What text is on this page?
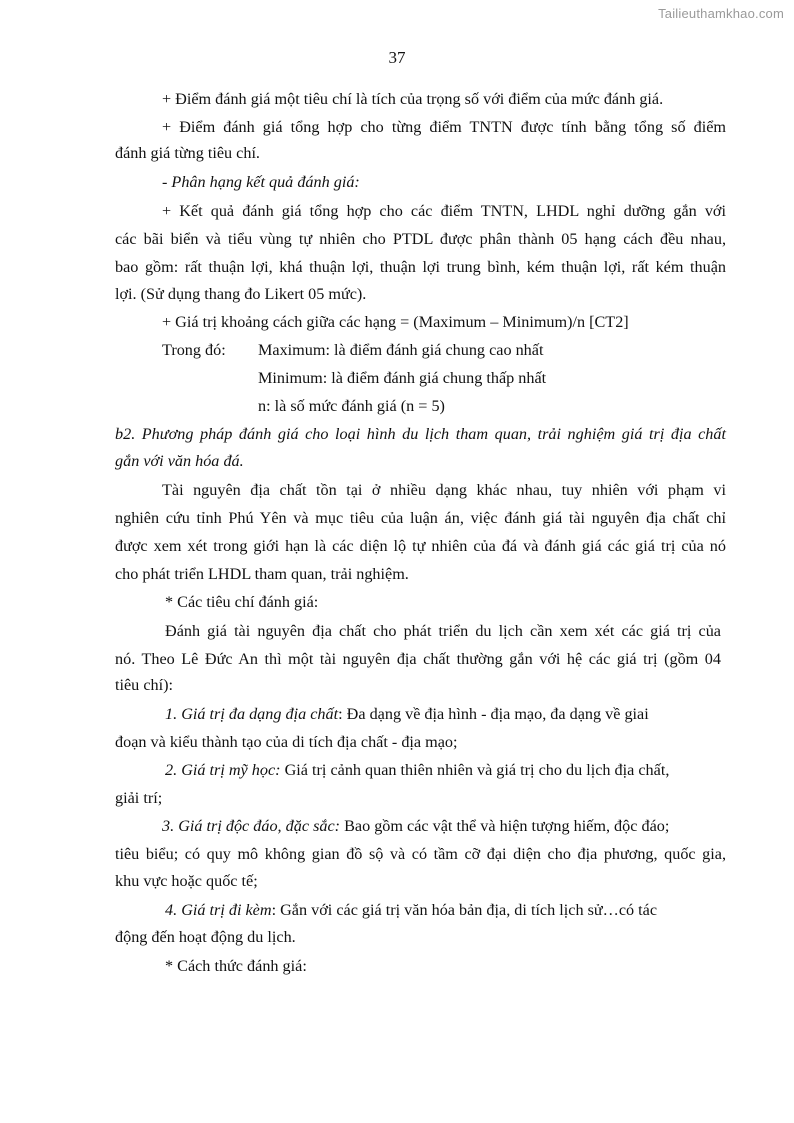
Tailieuthamkhao.com
37
+ Điểm đánh giá một tiêu chí là tích của trọng số với điểm của mức đánh giá.
+ Điểm đánh giá tổng hợp cho từng điểm TNTN được tính bằng tổng số điểm
đánh giá từng tiêu chí.
- Phân hạng kết quả đánh giá:
+ Kết quả đánh giá tổng hợp cho các điểm TNTN, LHDL nghỉ dưỡng gắn với
các bãi biển và tiểu vùng tự nhiên cho PTDL được phân thành 05 hạng cách đều nhau,
bao gồm: rất thuận lợi, khá thuận lợi, thuận lợi trung bình, kém thuận lợi, rất kém thuận
lợi. (Sử dụng thang đo Likert 05 mức).
+ Giá trị khoảng cách giữa các hạng = (Maximum – Minimum)/n [CT2]
Trong đó: Maximum: là điểm đánh giá chung cao nhất
Minimum: là điểm đánh giá chung thấp nhất
n: là số mức đánh giá (n = 5)
b2. Phương pháp đánh giá cho loại hình du lịch tham quan, trải nghiệm giá trị địa chất
gắn với văn hóa đá.
Tài nguyên địa chất tồn tại ở nhiều dạng khác nhau, tuy nhiên với phạm vi
nghiên cứu tỉnh Phú Yên và mục tiêu của luận án, việc đánh giá tài nguyên địa chất chỉ
được xem xét trong giới hạn là các diện lộ tự nhiên của đá và đánh giá các giá trị của nó
cho phát triển LHDL tham quan, trải nghiệm.
* Các tiêu chí đánh giá:
Đánh giá tài nguyên địa chất cho phát triển du lịch cần xem xét các giá trị của
nó. Theo Lê Đức An thì một tài nguyên địa chất thường gắn với hệ các giá trị (gồm 04
tiêu chí):
1. Giá trị đa dạng địa chất: Đa dạng về địa hình - địa mạo, đa dạng về giai
đoạn và kiểu thành tạo của di tích địa chất - địa mạo;
2. Giá trị mỹ học: Giá trị cảnh quan thiên nhiên và giá trị cho du lịch địa chất,
giải trí;
3. Giá trị độc đáo, đặc sắc: Bao gồm các vật thể và hiện tượng hiếm, độc đáo;
tiêu biểu; có quy mô không gian đồ sộ và có tầm cỡ đại diện cho địa phương, quốc gia,
khu vực hoặc quốc tế;
4. Giá trị đi kèm: Gắn với các giá trị văn hóa bản địa, di tích lịch sử…có tác
động đến hoạt động du lịch.
* Cách thức đánh giá:
